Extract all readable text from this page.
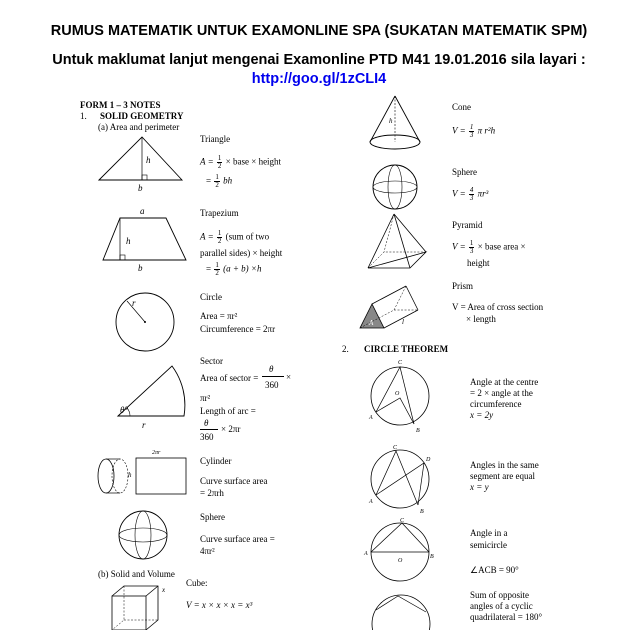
RUMUS MATEMATIK UNTUK EXAMONLINE SPA (SUKATAN MATEMATIK SPM)
Untuk maklumat lanjut mengenai Examonline PTD M41 19.01.2016 sila layari :
http://goo.gl/1zCLI4
FORM 1 – 3 NOTES
1. SOLID GEOMETRY
(a) Area and perimeter
h
b
Triangle
$A = \frac{1}{2}$ × base × height
= $\frac{1}{2}$ bh
a
h
b
Trapezium
$A = \frac{1}{2} (sum$ of two
parallel sides) × height
= $\frac{1}{2} (a + b) \times h$
r
Circle
Area = πr²
Circumference = 2πr
θ°
r
Sector
Area of sector =
θ
360
×
πr²
Length of arc =
θ
360
× 2πr
2πr
h
Cylinder
Curve surface area
= 2πrh
Sphere
Curve surface area =
4πr²
(b) Solid and Volume
Cube:
V = x × x × x = x³
x
h
Cone
$V = \frac{1}{3}$ π r²h
Sphere
$V = \frac{4}{3} \pi r^3$
Pyramid
$V = \frac{1}{3}$ × base area ×
height
A	l
Prism
V = Area of cross section
× length
2. CIRCLE THEOREM
C
O
A
B
Angle at the centre
= 2 × angle at the
circumference
x = 2y
C
D
A
B
Angles in the same
segment are equal
x = y
C
A	B
O
Angle in a
semicircle
∠ACB = 90°
Sum of opposite
angles of a cyclic
quadrilateral = 180°
